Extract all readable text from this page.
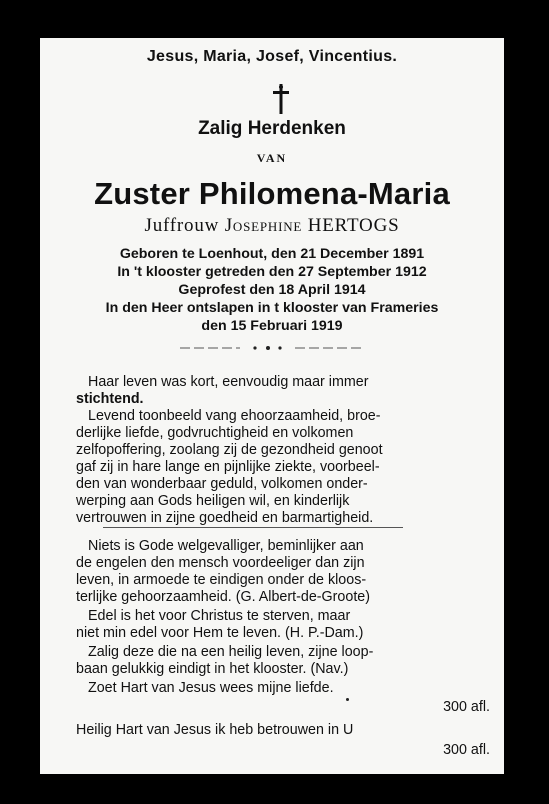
Jesus, Maria, Josef, Vincentius.
Zalig Herdenken
VAN
Zuster Philomena-Maria
Juffrouw Josephine HERTOGS
Geboren te Loenhout, den 21 December 1891
In 't klooster getreden den 27 September 1912
Geprofest den 18 April 1914
In den Heer ontslapen in t klooster van Frameries
den 15 Februari 1919
Haar leven was kort, eenvoudig maar immer
stichtend.
Levend toonbeeld vang ehoorzaamheid, broe-
derlijke liefde, godvruchtigheid en volkomen
zelfopoffering, zoolang zij de gezondheid genoot
gaf zij in hare lange en pijnlijke ziekte, voorbeel-
den van wonderbaar geduld, volkomen onder-
werping aan Gods heiligen wil, en kinderlijk
vertrouwen in zijne goedheid en barmartigheid.
Niets is Gode welgevalliger, beminlijker aan
de engelen den mensch voordeeliger dan zijn
leven, in armoede te eindigen onder de kloos-
terlijke gehoorzaamheid. (G. Albert-de-Groote)
Edel is het voor Christus te sterven, maar
niet min edel voor Hem te leven. (H. P.-Dam.)
Zalig deze die na een heilig leven, zijne loop-
baan gelukkig eindigt in het klooster. (Nav.)
Zoet Hart van Jesus wees mijne liefde.
300 afl.
Heilig Hart van Jesus ik heb betrouwen in U
300 afl.
